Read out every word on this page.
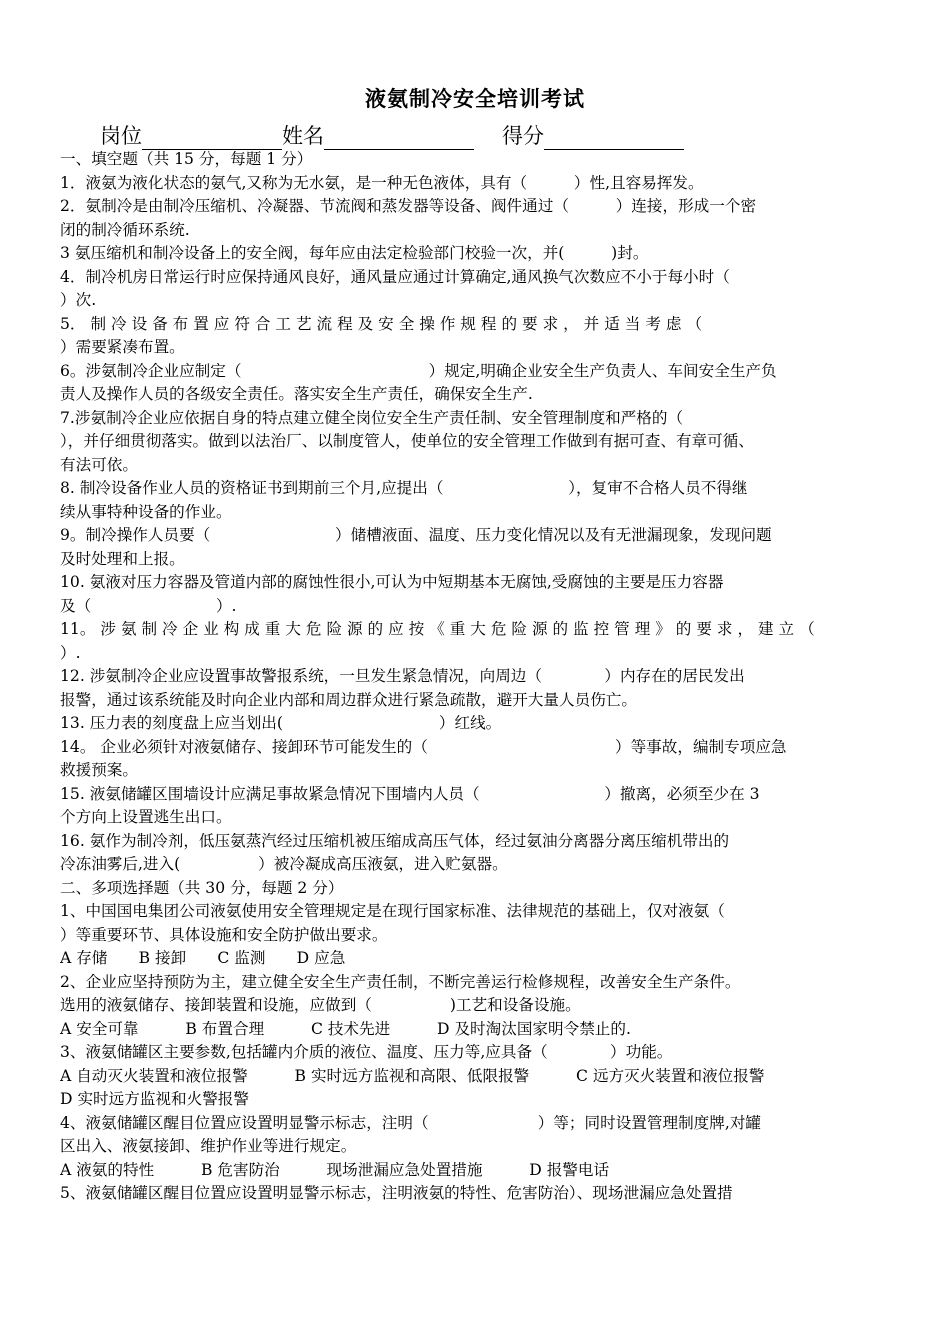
液氨制冷安全培训考试
岗位	姓名	得分
一、填空题（共 15 分，每题 1 分）
1．液氨为液化状态的氨气,又称为无水氨，是一种无色液体，具有（　　　）性,且容易挥发。
2．氨制冷是由制冷压缩机、冷凝器、节流阀和蒸发器等设备、阀件通过（　　　）连接，形成一个密
闭的制冷循环系统.
3 氨压缩机和制冷设备上的安全阀，每年应由法定检验部门校验一次，并(　　　)封。
4．制冷机房日常运行时应保持通风良好，通风量应通过计算确定,通风换气次数应不小于每小时（
）次.
5． 制 冷 设 备 布 置 应 符 合 工 艺 流 程 及 安 全 操 作 规 程 的 要 求 ， 并 适 当 考 虑 （
）需要紧凑布置。
6。涉氨制冷企业应制定（　　　　　　　　　　　　）规定,明确企业安全生产负责人、车间安全生产负
责人及操作人员的各级安全责任。落实安全生产责任，确保安全生产.
7.涉氨制冷企业应依据自身的特点建立健全岗位安全生产责任制、安全管理制度和严格的（
），并仔细贯彻落实。做到以法治厂、以制度管人，使单位的安全管理工作做到有据可查、有章可循、
有法可依。
8. 制冷设备作业人员的资格证书到期前三个月,应提出（　　　　　　　　），复审不合格人员不得继
续从事特种设备的作业。
9。制冷操作人员要（　　　　　　　　）储槽液面、温度、压力变化情况以及有无泄漏现象，发现问题
及时处理和上报。
10. 氨液对压力容器及管道内部的腐蚀性很小,可认为中短期基本无腐蚀,受腐蚀的主要是压力容器
及（　　　　　　　　）.
11。 涉 氨 制 冷 企 业 构 成 重 大 危 险 源 的 应 按 《 重 大 危 险 源 的 监 控 管 理 》 的 要 求 ， 建 立 （
）.
12. 涉氨制冷企业应设置事故警报系统，一旦发生紧急情况，向周边（　　　　）内存在的居民发出
报警，通过该系统能及时向企业内部和周边群众进行紧急疏散，避开大量人员伤亡。
13. 压力表的刻度盘上应当划出(　　　　　　　　　　）红线。
14。 企业必须针对液氨储存、接卸环节可能发生的（　　　　　　　　　　　　）等事故，编制专项应急
救援预案。
15. 液氨储罐区围墙设计应满足事故紧急情况下围墙内人员（　　　　　　　　）撤离，必须至少在 3
个方向上设置逃生出口。
16. 氨作为制冷剂，低压氨蒸汽经过压缩机被压缩成高压气体，经过氨油分离器分离压缩机带出的
冷冻油雾后,进入(　　　　　）被冷凝成高压液氨，进入贮氨器。
二、多项选择题（共 30 分，每题 2 分）
1、中国国电集团公司液氨使用安全管理规定是在现行国家标准、法律规范的基础上，仅对液氨（
）等重要环节、具体设施和安全防护做出要求。
A 存储　　B 接卸　　C 监测　　D 应急
2、企业应坚持预防为主，建立健全安全生产责任制，不断完善运行检修规程，改善安全生产条件。
选用的液氨储存、接卸装置和设施，应做到（　　　　　)工艺和设备设施。
A 安全可靠　　　B 布置合理　　　C 技术先进　　　D 及时淘汰国家明令禁止的.
3、液氨储罐区主要参数,包括罐内介质的液位、温度、压力等,应具备（　　　　）功能。
A 自动灭火装置和液位报警　　　B 实时远方监视和高限、低限报警　　　C 远方灭火装置和液位报警
D 实时远方监视和火警报警
4、液氨储罐区醒目位置应设置明显警示标志，注明（　　　　　　　）等；同时设置管理制度牌,对罐
区出入、液氨接卸、维护作业等进行规定。
A 液氨的特性　　　B 危害防治　　　现场泄漏应急处置措施　　　D 报警电话
5、液氨储罐区醒目位置应设置明显警示标志，注明液氨的特性、危害防治）、现场泄漏应急处置措
